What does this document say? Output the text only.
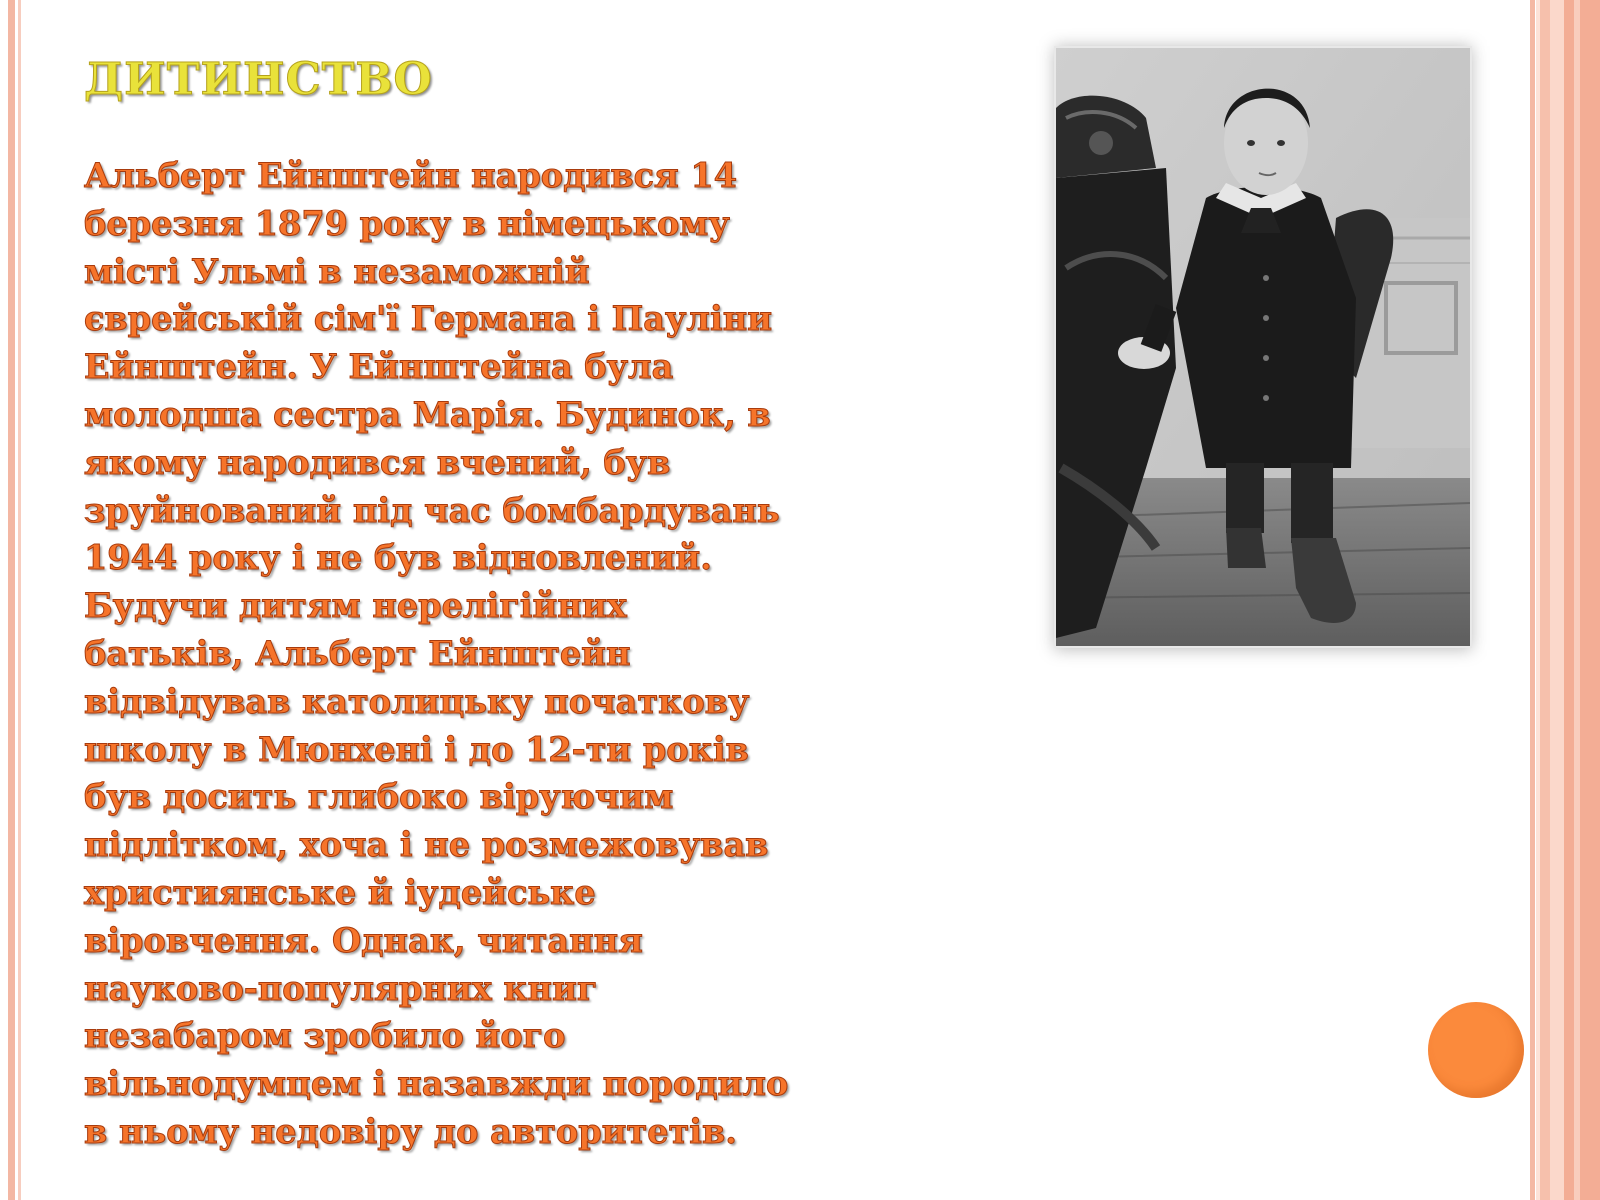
ДИТИНСТВО

Альберт Ейнштейн народився 14
березня 1879 року в німецькому
місті Ульмі в незаможній
єврейській сім'ї Германа і Пауліни
Ейнштейн. У Ейнштейна була
молодша сестра Марія. Будинок, в
якому народився вчений, був
зруйнований під час бомбардувань
1944 року і не був відновлений.
Будучи дитям нерелігійних
батьків, Альберт Ейнштейн
відвідував католицьку початкову
школу в Мюнхені і до 12-ти років
був досить глибоко віруючим
підлітком, хоча і не розмежовував
християнське й іудейське
віровчення. Однак, читання
науково-популярних книг
незабаром зробило його
вільнодумцем і назавжди породило
в ньому недовіру до авторитетів.
